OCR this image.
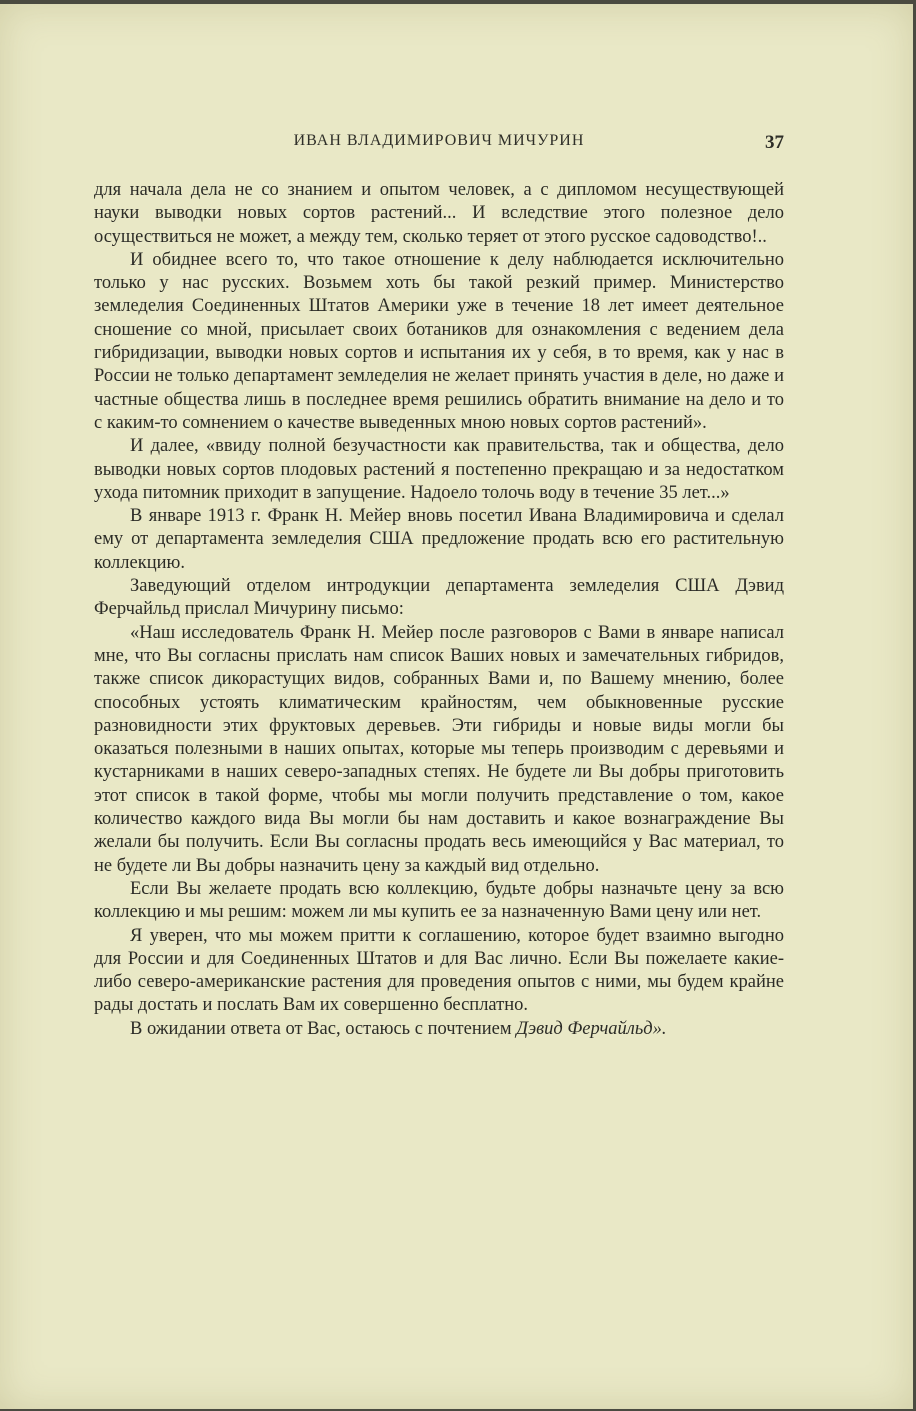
ИВАН ВЛАДИМИРОВИЧ МИЧУРИН	37

для начала дела не со знанием и опытом человек, а с дипломом несуществующей науки выводки новых сортов растений... И вследствие этого полезное дело осуществиться не может, а между тем, сколько теряет от этого русское садоводство!..

И обиднее всего то, что такое отношение к делу наблюдается исключительно только у нас русских. Возьмем хоть бы такой резкий пример. Министерство земледелия Соединенных Штатов Америки уже в течение 18 лет имеет деятельное сношение со мной, присылает своих ботаников для ознакомления с ведением дела гибридизации, выводки новых сортов и испытания их у себя, в то время, как у нас в России не только департамент земледелия не желает принять участия в деле, но даже и частные общества лишь в последнее время решились обратить внимание на дело и то с каким-то сомнением о качестве выведенных мною новых сортов растений».

И далее, «ввиду полной безучастности как правительства, так и общества, дело выводки новых сортов плодовых растений я постепенно прекращаю и за недостатком ухода питомник приходит в запущение. Надоело толочь воду в течение 35 лет...»

В январе 1913 г. Франк Н. Мейер вновь посетил Ивана Владимировича и сделал ему от департамента земледелия США предложение продать всю его растительную коллекцию.

Заведующий отделом интродукции департамента земледелия США Дэвид Ферчайльд прислал Мичурину письмо:

«Наш исследователь Франк Н. Мейер после разговоров с Вами в январе написал мне, что Вы согласны прислать нам список Ваших новых и замечательных гибридов, также список дикорастущих видов, собранных Вами и, по Вашему мнению, более способных устоять климатическим крайностям, чем обыкновенные русские разновидности этих фруктовых деревьев. Эти гибриды и новые виды могли бы оказаться полезными в наших опытах, которые мы теперь производим с деревьями и кустарниками в наших северо-западных степях. Не будете ли Вы добры приготовить этот список в такой форме, чтобы мы могли получить представление о том, какое количество каждого вида Вы могли бы нам доставить и какое вознаграждение Вы желали бы получить. Если Вы согласны продать весь имеющийся у Вас материал, то не будете ли Вы добры назначить цену за каждый вид отдельно.

Если Вы желаете продать всю коллекцию, будьте добры назначьте цену за всю коллекцию и мы решим: можем ли мы купить ее за назначенную Вами цену или нет.

Я уверен, что мы можем притти к соглашению, которое будет взаимно выгодно для России и для Соединенных Штатов и для Вас лично. Если Вы пожелаете какие-либо северо-американские растения для проведения опытов с ними, мы будем крайне рады достать и послать Вам их совершенно бесплатно.

В ожидании ответа от Вас, остаюсь с почтением Дэвид Ферчайльд».
